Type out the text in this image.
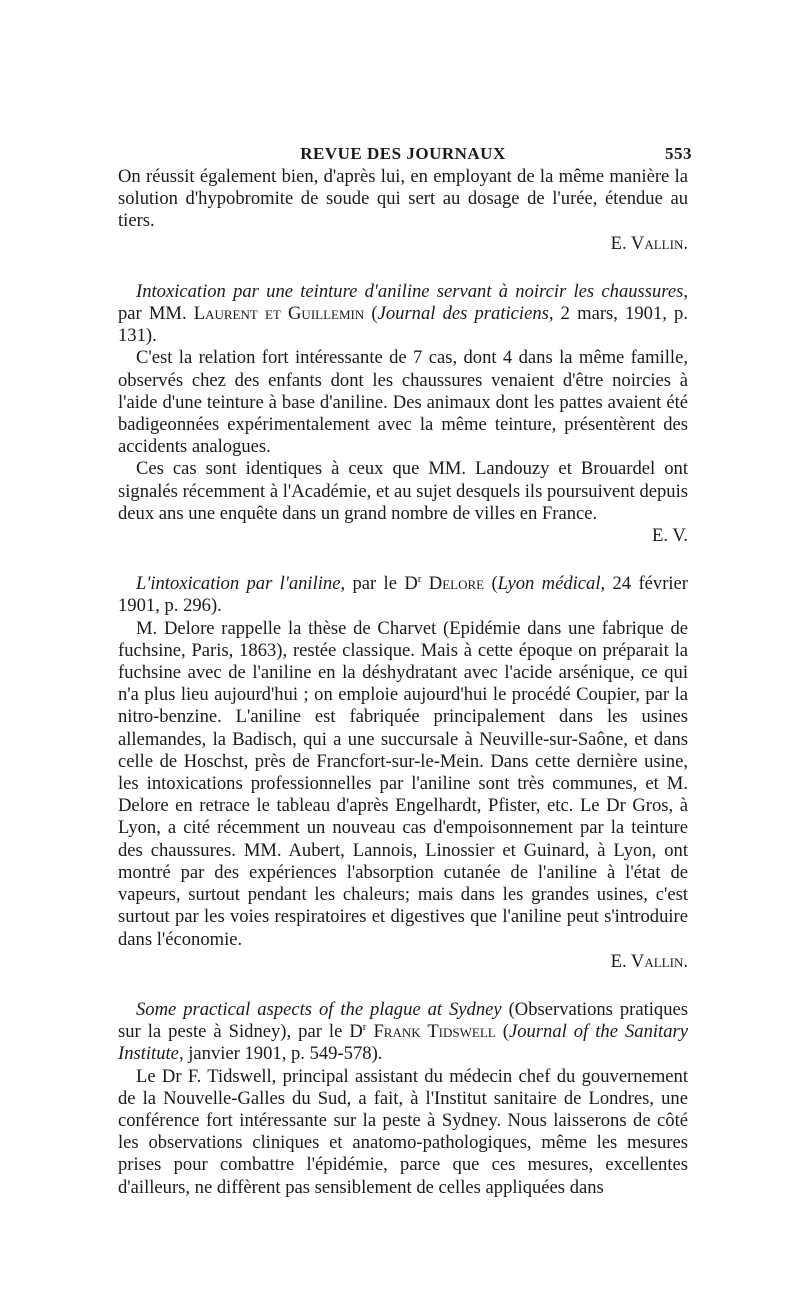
REVUE DES JOURNAUX	553

On réussit également bien, d'après lui, en employant de la même manière la solution d'hypobromite de soude qui sert au dosage de l'urée, étendue au tiers.

E. Vallin.

Intoxication par une teinture d'aniline servant à noircir les chaussures, par MM. Laurent et Guillemin (Journal des praticiens, 2 mars, 1901, p. 131).

C'est la relation fort intéressante de 7 cas, dont 4 dans la même famille, observés chez des enfants dont les chaussures venaient d'être noircies à l'aide d'une teinture à base d'aniline. Des animaux dont les pattes avaient été badigeonnées expérimentalement avec la même teinture, présentèrent des accidents analogues.

Ces cas sont identiques à ceux que MM. Landouzy et Brouardel ont signalés récemment à l'Académie, et au sujet desquels ils poursuivent depuis deux ans une enquête dans un grand nombre de villes en France.

E. V.

L'intoxication par l'aniline, par le $D^r$ Delore (Lyon médical, 24 février 1901, p. 296).

M. Delore rappelle la thèse de Charvet (Epidémie dans une fabrique de fuchsine, Paris, 1863), restée classique. Mais à cette époque on préparait la fuchsine avec de l'aniline en la déshydratant avec l'acide arsénique, ce qui n'a plus lieu aujourd'hui ; on emploie aujourd'hui le procédé Coupier, par la nitro-benzine. L'aniline est fabriquée principalement dans les usines allemandes, la Badisch, qui a une succursale à Neuville-sur-Saône, et dans celle de Hoschst, près de Francfort-sur-le-Mein. Dans cette dernière usine, les intoxications professionnelles par l'aniline sont très communes, et M. Delore en retrace le tableau d'après Engelhardt, Pfister, etc. Le Dr Gros, à Lyon, a cité récemment un nouveau cas d'empoisonnement par la teinture des chaussures. MM. Aubert, Lannois, Linossier et Guinard, à Lyon, ont montré par des expériences l'absorption cutanée de l'aniline à l'état de vapeurs, surtout pendant les chaleurs; mais dans les grandes usines, c'est surtout par les voies respiratoires et digestives que l'aniline peut s'introduire dans l'économie.

E. Vallin.

Some practical aspects of the plague at Sydney (Observations pratiques sur la peste à Sidney), par le $D^r$ Frank Tidswell (Journal of the Sanitary Institute, janvier 1901, p. 549-578).

Le Dr F. Tidswell, principal assistant du médecin chef du gouvernement de la Nouvelle-Galles du Sud, a fait, à l'Institut sanitaire de Londres, une conférence fort intéressante sur la peste à Sydney. Nous laisserons de côté les observations cliniques et anatomo-pathologiques, même les mesures prises pour combattre l'épidémie, parce que ces mesures, excellentes d'ailleurs, ne diffèrent pas sensiblement de celles appliquées dans
